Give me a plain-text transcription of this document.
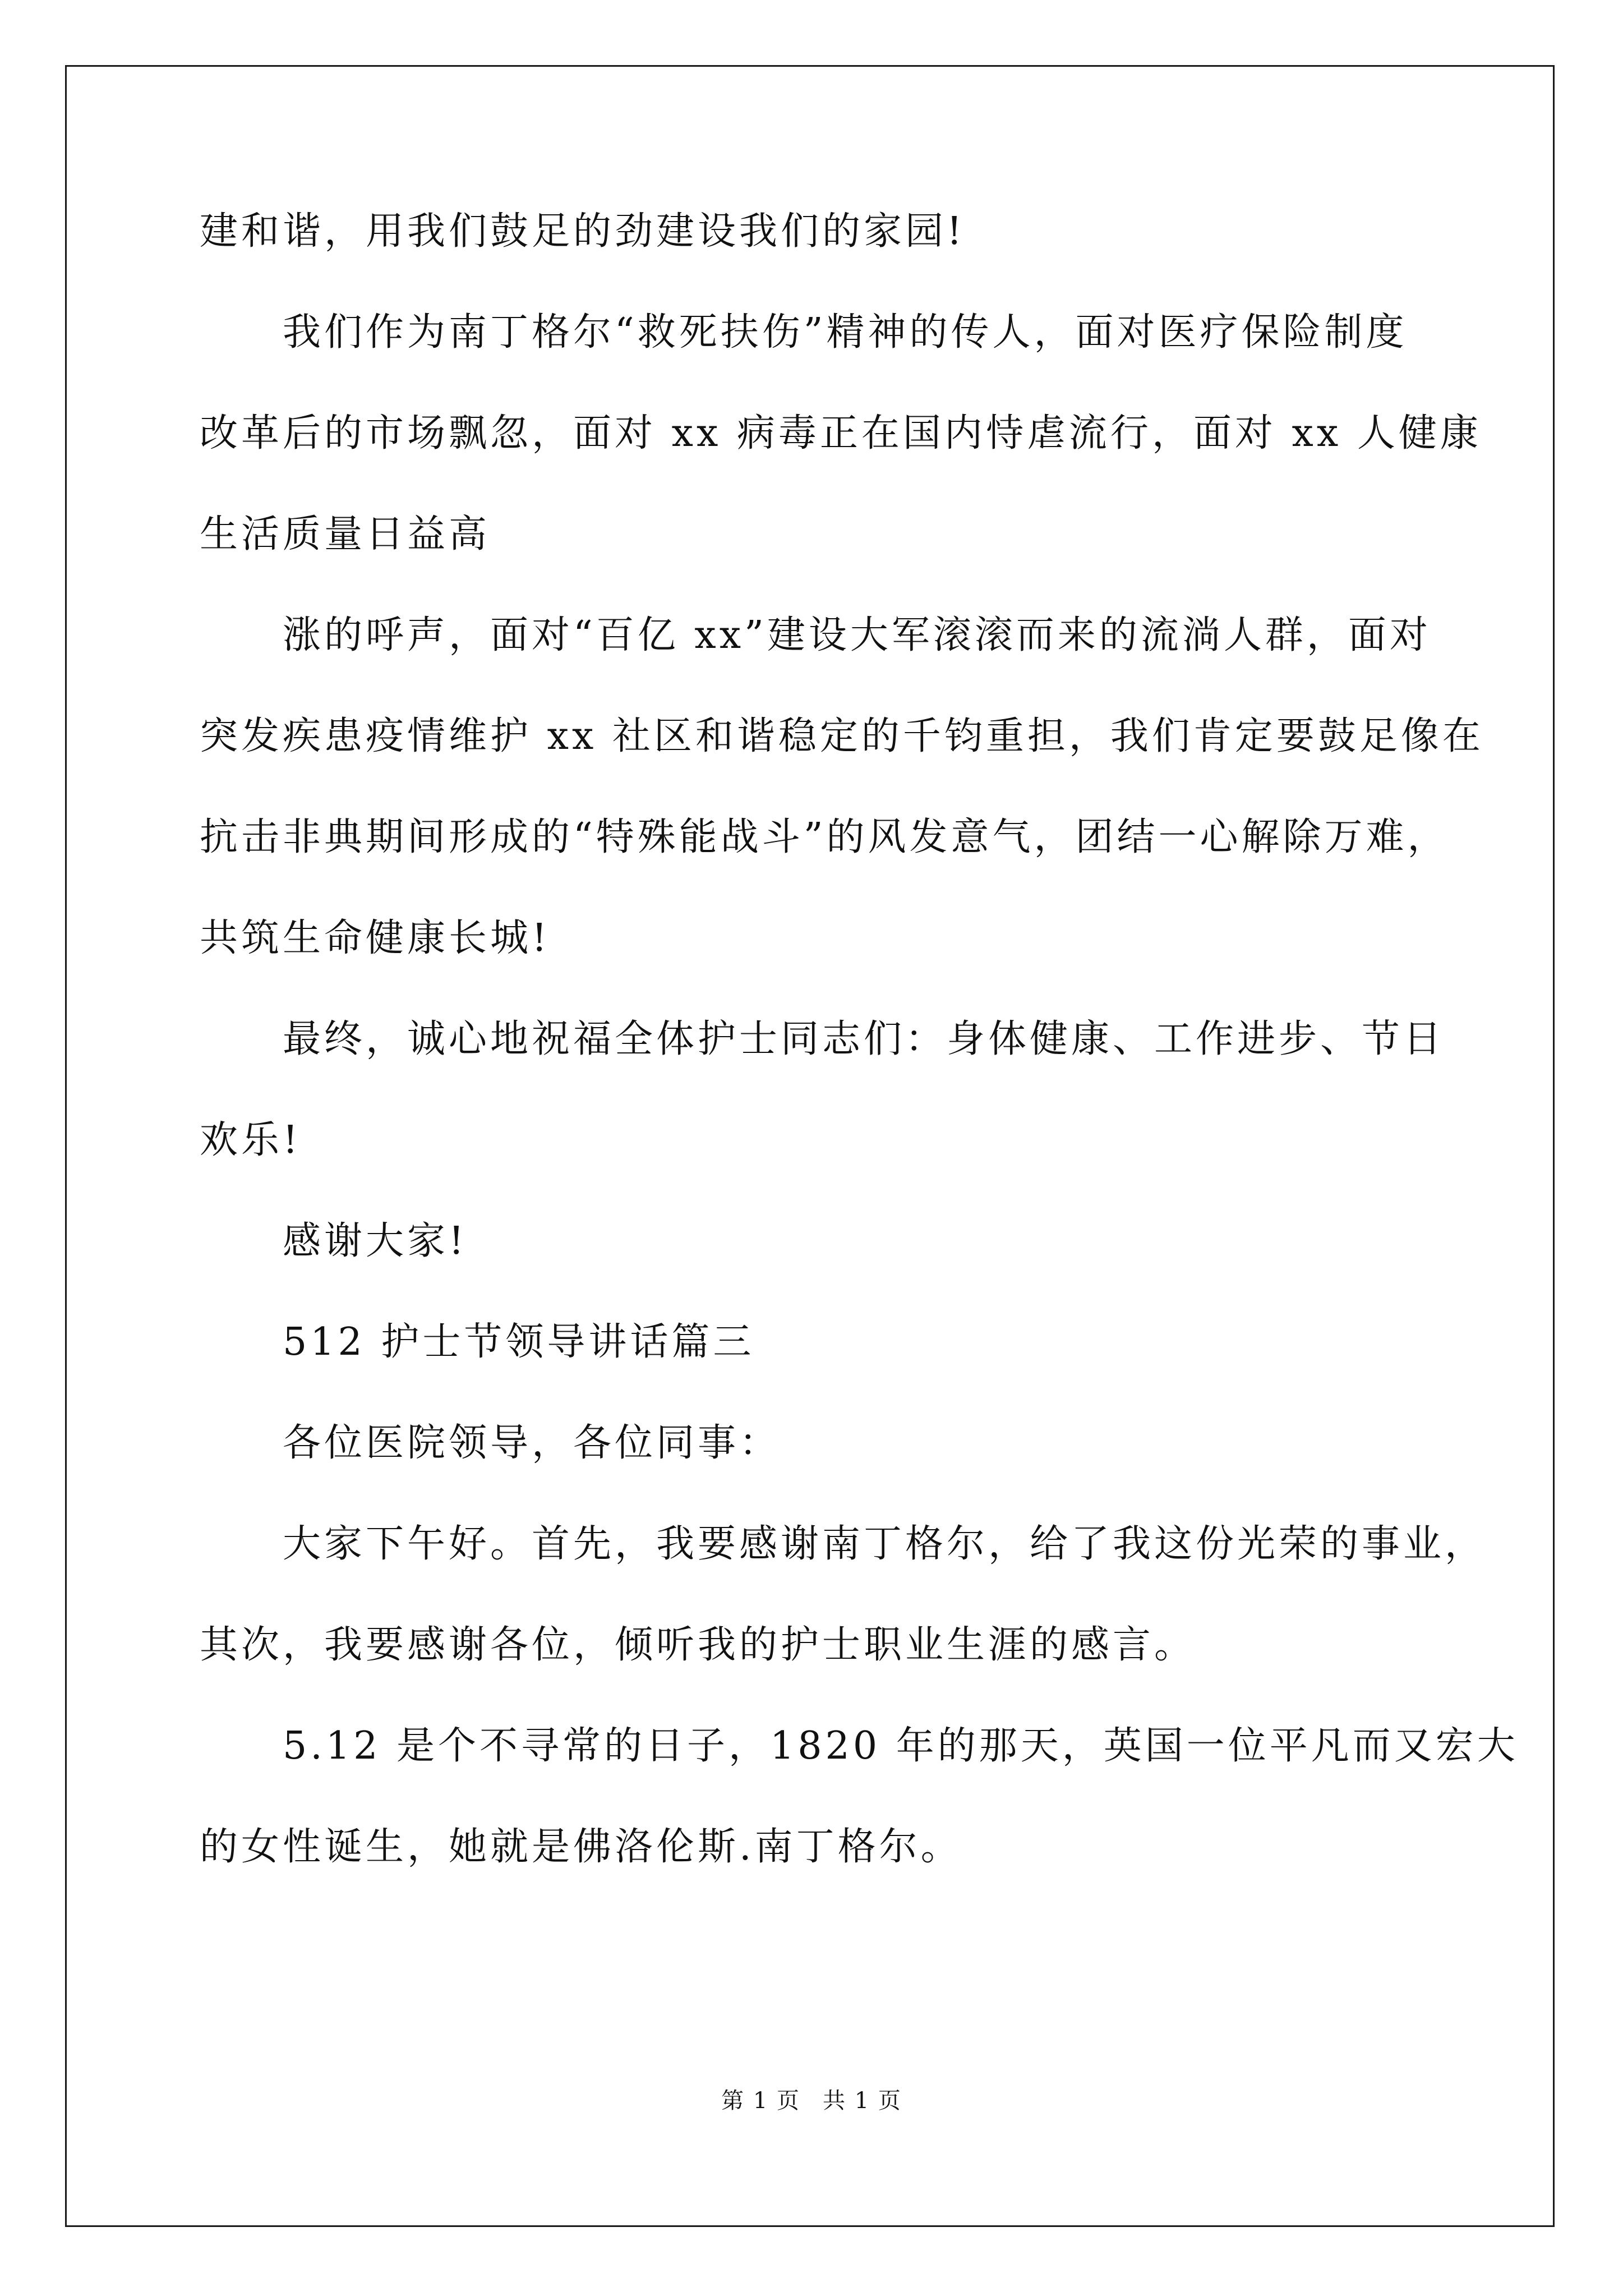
建和谐，用我们鼓足的劲建设我们的家园!
我们作为南丁格尔“救死扶伤”精神的传人，面对医疗保险制度
改革后的市场飘忽，面对 xx 病毒正在国内恃虐流行，面对 xx 人健康
生活质量日益高
涨的呼声，面对“百亿 xx”建设大军滚滚而来的流淌人群，面对
突发疾患疫情维护 xx 社区和谐稳定的千钧重担，我们肯定要鼓足像在
抗击非典期间形成的“特殊能战斗”的风发意气，团结一心解除万难，
共筑生命健康长城!
最终，诚心地祝福全体护士同志们：身体健康、工作进步、节日
欢乐!
感谢大家!
512 护士节领导讲话篇三
各位医院领导，各位同事：
大家下午好。首先，我要感谢南丁格尔，给了我这份光荣的事业，
其次，我要感谢各位，倾听我的护士职业生涯的感言。
5.12 是个不寻常的日子，1820 年的那天，英国一位平凡而又宏大
的女性诞生，她就是佛洛伦斯.南丁格尔。
第 1 页 共 1 页
